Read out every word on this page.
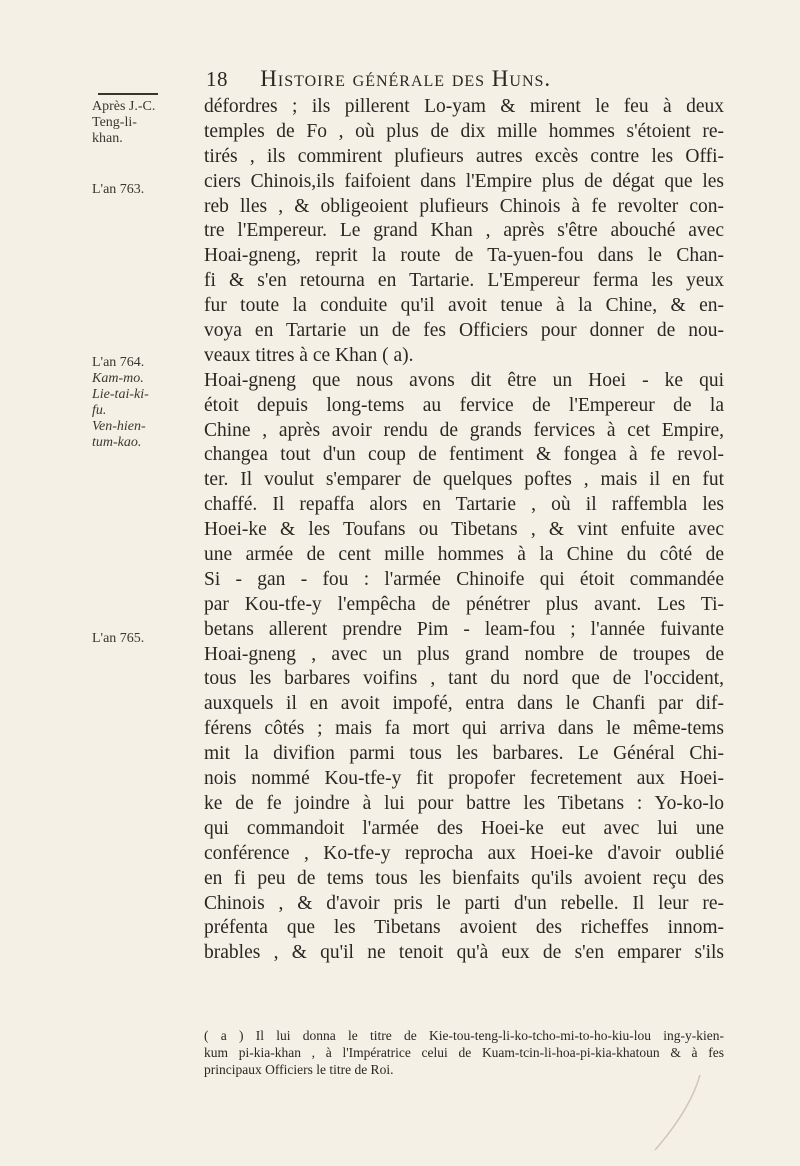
18 Histoire générale des Huns.
Après J.-C.
Teng-li-
khan.
L'an 763.
L'an 764.
Kam-mo.
Lie-tai-ki-
fu.
Ven-hien-
tum-kao.
L'an 765.
défordres ; ils pillerent Lo-yam & mirent le feu à deux
temples de Fo , où plus de dix mille hommes s'étoient re-
tirés , ils commirent plufieurs autres excès contre les Offi-
ciers Chinois,ils faifoient dans l'Empire plus de dégat que les
reb lles , & obligeoient plufieurs Chinois à fe revolter con-
tre l'Empereur. Le grand Khan , après s'être abouché avec
Hoai-gneng, reprit la route de Ta-yuen-fou dans le Chan-
fi & s'en retourna en Tartarie. L'Empereur ferma les yeux
fur toute la conduite qu'il avoit tenue à la Chine, & en-
voya en Tartarie un de fes Officiers pour donner de nou-
veaux titres à ce Khan ( a).
Hoai-gneng que nous avons dit être un Hoei - ke qui
étoit depuis long-tems au fervice de l'Empereur de la
Chine , après avoir rendu de grands fervices à cet Empire,
changea tout d'un coup de fentiment & fongea à fe revol-
ter. Il voulut s'emparer de quelques poftes , mais il en fut
chaffé. Il repaffa alors en Tartarie , où il raffembla les
Hoei-ke & les Toufans ou Tibetans , & vint enfuite avec
une armée de cent mille hommes à la Chine du côté de
Si - gan - fou : l'armée Chinoife qui étoit commandée
par Kou-tfe-y l'empêcha de pénétrer plus avant. Les Ti-
betans allerent prendre Pim - leam-fou ; l'année fuivante
Hoai-gneng , avec un plus grand nombre de troupes de
tous les barbares voifins , tant du nord que de l'occident,
auxquels il en avoit impofé, entra dans le Chanfi par dif-
férens côtés ; mais fa mort qui arriva dans le même-tems
mit la divifion parmi tous les barbares. Le Général Chi-
nois nommé Kou-tfe-y fit propofer fecretement aux Hoei-
ke de fe joindre à lui pour battre les Tibetans : Yo-ko-lo
qui commandoit l'armée des Hoei-ke eut avec lui une
conférence , Ko-tfe-y reprocha aux Hoei-ke d'avoir oublié
en fi peu de tems tous les bienfaits qu'ils avoient reçu des
Chinois , & d'avoir pris le parti d'un rebelle. Il leur re-
préfenta que les Tibetans avoient des richeffes innom-
brables , & qu'il ne tenoit qu'à eux de s'en emparer s'ils
( a ) Il lui donna le titre de Kie-tou-teng-li-ko-tcho-mi-to-ho-kiu-lou ing-y-kien-
kum pi-kia-khan , à l'Impératrice celui de Kuam-tcin-li-hoa-pi-kia-khatoun & à fes
principaux Officiers le titre de Roi.
